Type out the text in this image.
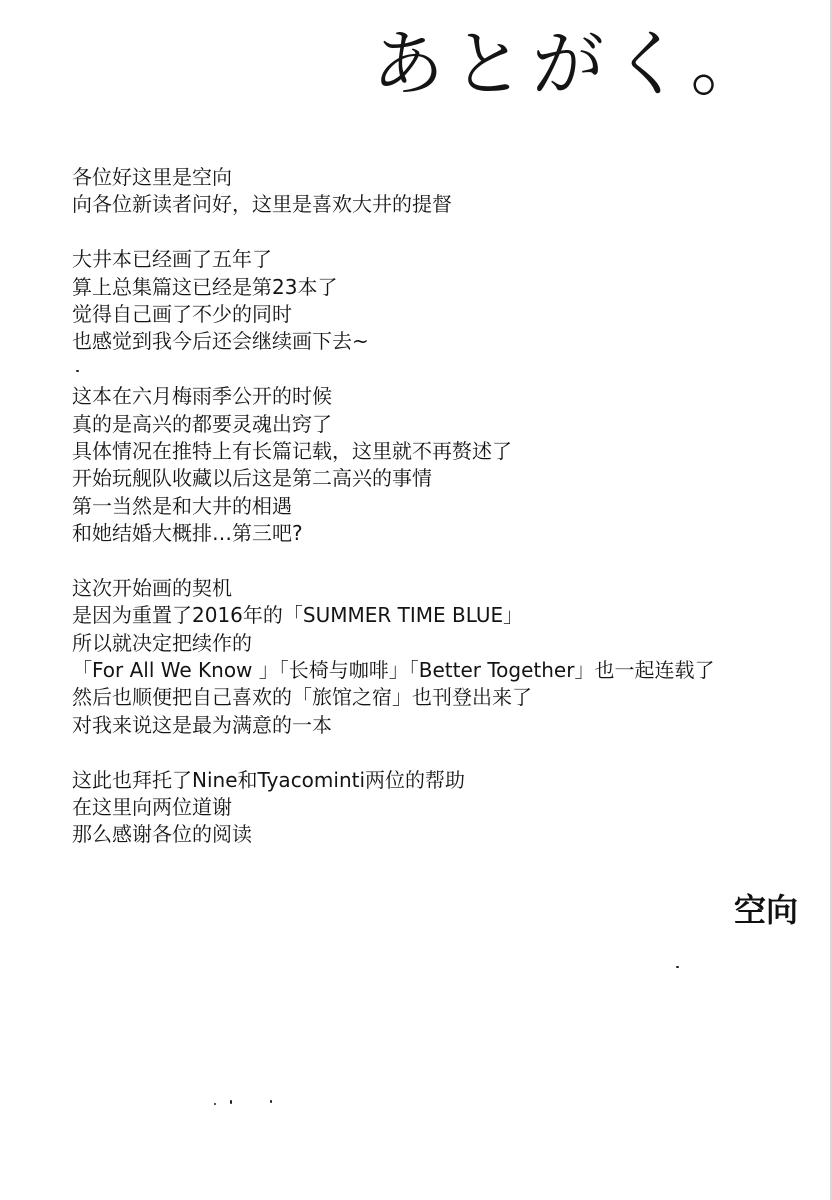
あとがく。
各位好这里是空向
向各位新读者问好，这里是喜欢大井的提督
大井本已经画了五年了
算上总集篇这已经是第23本了
觉得自己画了不少的同时
也感觉到我今后还会继续画下去~
这本在六月梅雨季公开的时候
真的是高兴的都要灵魂出窍了
具体情况在推特上有长篇记载，这里就不再赘述了
开始玩舰队收藏以后这是第二高兴的事情
第一当然是和大井的相遇
和她结婚大概排…第三吧?
这次开始画的契机
是因为重置了2016年的「SUMMER TIME BLUE」
所以就决定把续作的
「For All We Know 」「长椅与咖啡」「Better Together」也一起连载了
然后也顺便把自己喜欢的「旅馆之宿」也刊登出来了
对我来说这是最为满意的一本
这此也拜托了Nine和Tyacominti两位的帮助
在这里向两位道谢
那么感谢各位的阅读
空向
